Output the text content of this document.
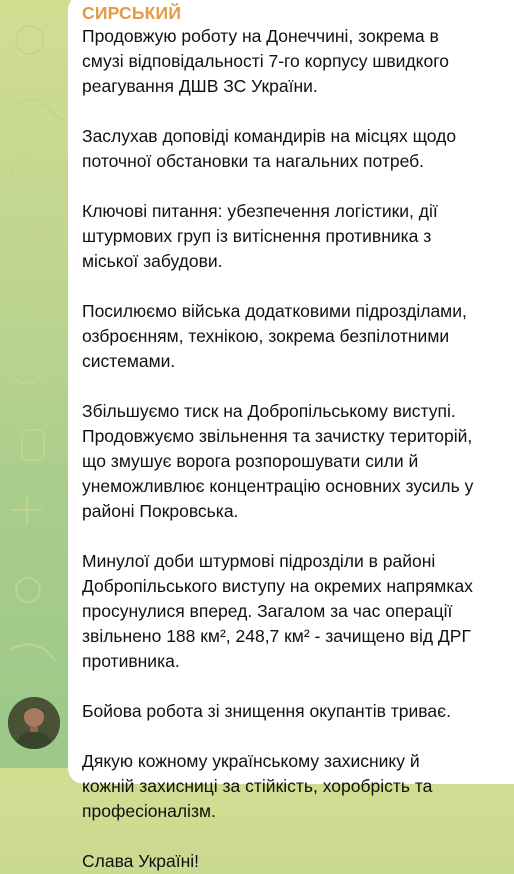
СИРСЬКИЙ
Продовжую роботу на Донеччині, зокрема в
смузі відповідальності 7-го корпусу швидкого
реагування ДШВ ЗС України.
Заслухав доповіді командирів на місцях щодо
поточної обстановки та нагальних потреб.
Ключові питання: убезпечення логістики, дії
штурмових груп із витіснення противника з
міської забудови.
Посилюємо війська додатковими підрозділами,
озброєнням, технікою, зокрема безпілотними
системами.
Збільшуємо тиск на Добропільському виступі.
Продовжуємо звільнення та зачистку територій,
що змушує ворога розпорошувати сили й
унеможливлює концентрацію основних зусиль у
районі Покровська.
Минулої доби штурмові підрозділи в районі
Добропільського виступу на окремих напрямках
просунулися вперед. Загалом за час операції
звільнено 188 км², 248,7 км² - зачищено від ДРГ
противника.
Бойова робота зі знищення окупантів триває.
Дякую кожному українському захиснику й
кожній захисниці за стійкість, хоробрість та
професіоналізм.
Слава Україні!
